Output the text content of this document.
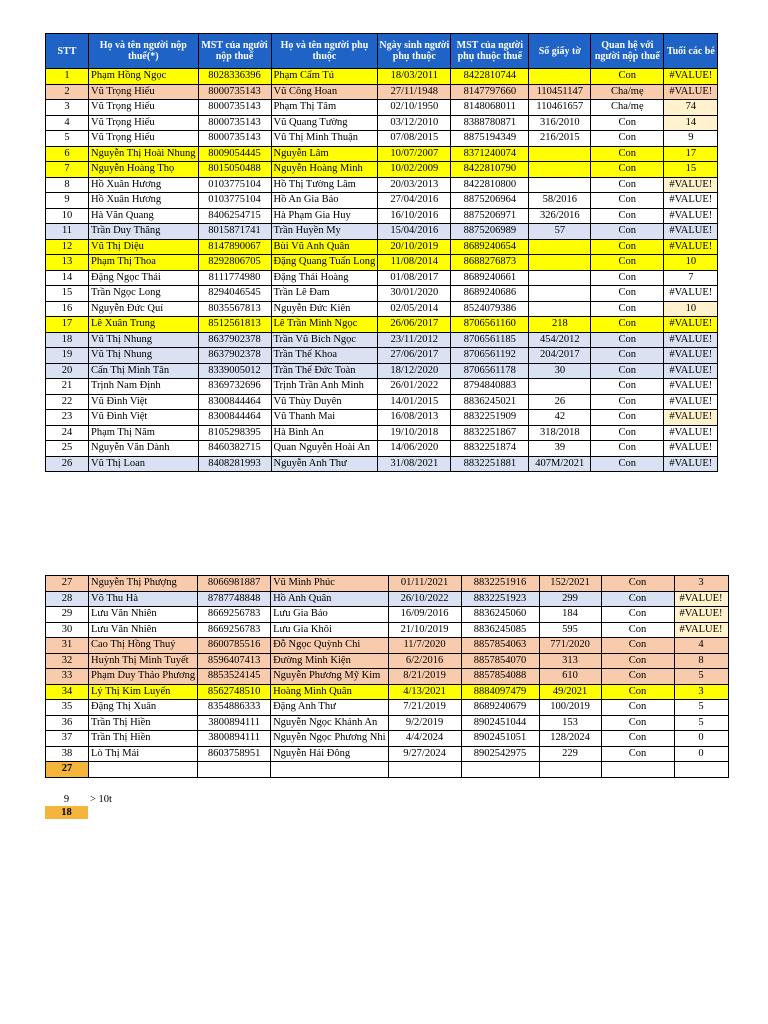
STT	Họ và tên người nộp thuế(*)	MST của người nộp thuế	Họ và tên người phụ thuộc	Ngày sinh người phụ thuộc	MST của người phụ thuộc thuế	Số giấy tờ	Quan hệ với người nộp thuế	Tuổi các bé
1	Phạm Hồng Ngọc	8028336396	Phạm Cẩm Tú	18/03/2011	8422810744		Con	#VALUE!
2	Vũ Trọng Hiếu	8000735143	Vũ Công Hoan	27/11/1948	8147797660	110451147	Cha/mẹ	#VALUE!
3	Vũ Trọng Hiếu	8000735143	Phạm Thị Tâm	02/10/1950	8148068011	110461657	Cha/mẹ	74
4	Vũ Trọng Hiếu	8000735143	Vũ Quang Tường	03/12/2010	8388780871	316/2010	Con	14
5	Vũ Trọng Hiếu	8000735143	Vũ Thị Minh Thuận	07/08/2015	8875194349	216/2015	Con	9
6	Nguyễn Thị Hoài Nhung	8009054445	Nguyễn Lâm	10/07/2007	8371240074		Con	17
7	Nguyễn Hoàng Thọ	8015050488	Nguyễn Hoàng Minh	10/02/2009	8422810790		Con	15
8	Hồ Xuân Hương	0103775104	Hồ Thị Tường Lâm	20/03/2013	8422810800		Con	#VALUE!
9	Hồ Xuân Hương	0103775104	Hồ An Gia Bảo	27/04/2016	8875206964	58/2016	Con	#VALUE!
10	Hà Văn Quang	8406254715	Hà Phạm Gia Huy	16/10/2016	8875206971	326/2016	Con	#VALUE!
11	Trần Duy Thăng	8015871741	Trần Huyền My	15/04/2016	8875206989	57	Con	#VALUE!
12	Vũ Thị Diệu	8147890067	Bùi Vũ Anh Quân	20/10/2019	8689240654		Con	#VALUE!
13	Phạm Thị Thoa	8292806705	Đặng Quang Tuấn Long	11/08/2014	8688276873		Con	10
14	Đặng Ngọc Thái	8111774980	Đặng Thái Hoàng	01/08/2017	8689240661		Con	7
15	Trần Ngọc Long	8294046545	Trần Lê Đam	30/01/2020	8689240686		Con	#VALUE!
16	Nguyễn Đức Quí	8035567813	Nguyễn Đức Kiên	02/05/2014	8524079386		Con	10
17	Lê Xuân Trung	8512561813	Lê Trần Minh Ngọc	26/06/2017	8706561160	218	Con	#VALUE!
18	Vũ Thị Nhung	8637902378	Trần Vũ Bích Ngọc	23/11/2012	8706561185	454/2012	Con	#VALUE!
19	Vũ Thị Nhung	8637902378	Trần Thế Khoa	27/06/2017	8706561192	204/2017	Con	#VALUE!
20	Cấn Thị Minh Tân	8339005012	Trần Thế Đức Toàn	18/12/2020	8706561178	30	Con	#VALUE!
21	Trịnh Nam Định	8369732696	Trịnh Trần Anh Minh	26/01/2022	8794840883		Con	#VALUE!
22	Vũ Đình Việt	8300844464	Vũ Thùy Duyên	14/01/2015	8836245021	26	Con	#VALUE!
23	Vũ Đình Việt	8300844464	Vũ Thanh Mai	16/08/2013	8832251909	42	Con	#VALUE!
24	Phạm Thị Năm	8105298395	Hà Bình An	19/10/2018	8832251867	318/2018	Con	#VALUE!
25	Nguyễn Văn Dành	8460382715	Quan Nguyễn Hoài An	14/06/2020	8832251874	39	Con	#VALUE!
26	Vũ Thị Loan	8408281993	Nguyễn Anh Thư	31/08/2021	8832251881	407M/2021	Con	#VALUE!
27	Nguyễn Thị Phượng	8066981887	Vũ Minh Phúc	01/11/2021	8832251916	152/2021	Con	3
28	Võ Thu Hà	8787748848	Hồ Anh Quân	26/10/2022	8832251923	299	Con	#VALUE!
29	Lưu Văn Nhiên	8669256783	Lưu Gia Bảo	16/09/2016	8836245060	184	Con	#VALUE!
30	Lưu Văn Nhiên	8669256783	Lưu Gia Khôi	21/10/2019	8836245085	595	Con	#VALUE!
31	Cao Thị Hồng Thuý	8600785516	Đỗ Ngọc Quỳnh Chi	11/7/2020	8857854063	771/2020	Con	4
32	Huỳnh Thị Minh Tuyết	8596407413	Đường Minh Kiện	6/2/2016	8857854070	313	Con	8
33	Phạm Duy Thảo Phương	8853524145	Nguyễn Phương Mỹ Kim	8/21/2019	8857854088	610	Con	5
34	Lý Thị Kim Luyến	8562748510	Hoàng Minh Quân	4/13/2021	8884097479	49/2021	Con	3
35	Đặng Thị Xuân	8354886333	Đặng Anh Thư	7/21/2019	8689240679	100/2019	Con	5
36	Trần Thị Hiền	3800894111	Nguyễn Ngọc Khánh An	9/2/2019	8902451044	153	Con	5
37	Trần Thị Hiền	3800894111	Nguyễn Ngọc Phương Nhi	4/4/2024	8902451051	128/2024	Con	0
38	Lò Thị Mái	8603758951	Nguyễn Hải Đông	9/27/2024	8902542975	229	Con	0
27								
9	> 10t
18
